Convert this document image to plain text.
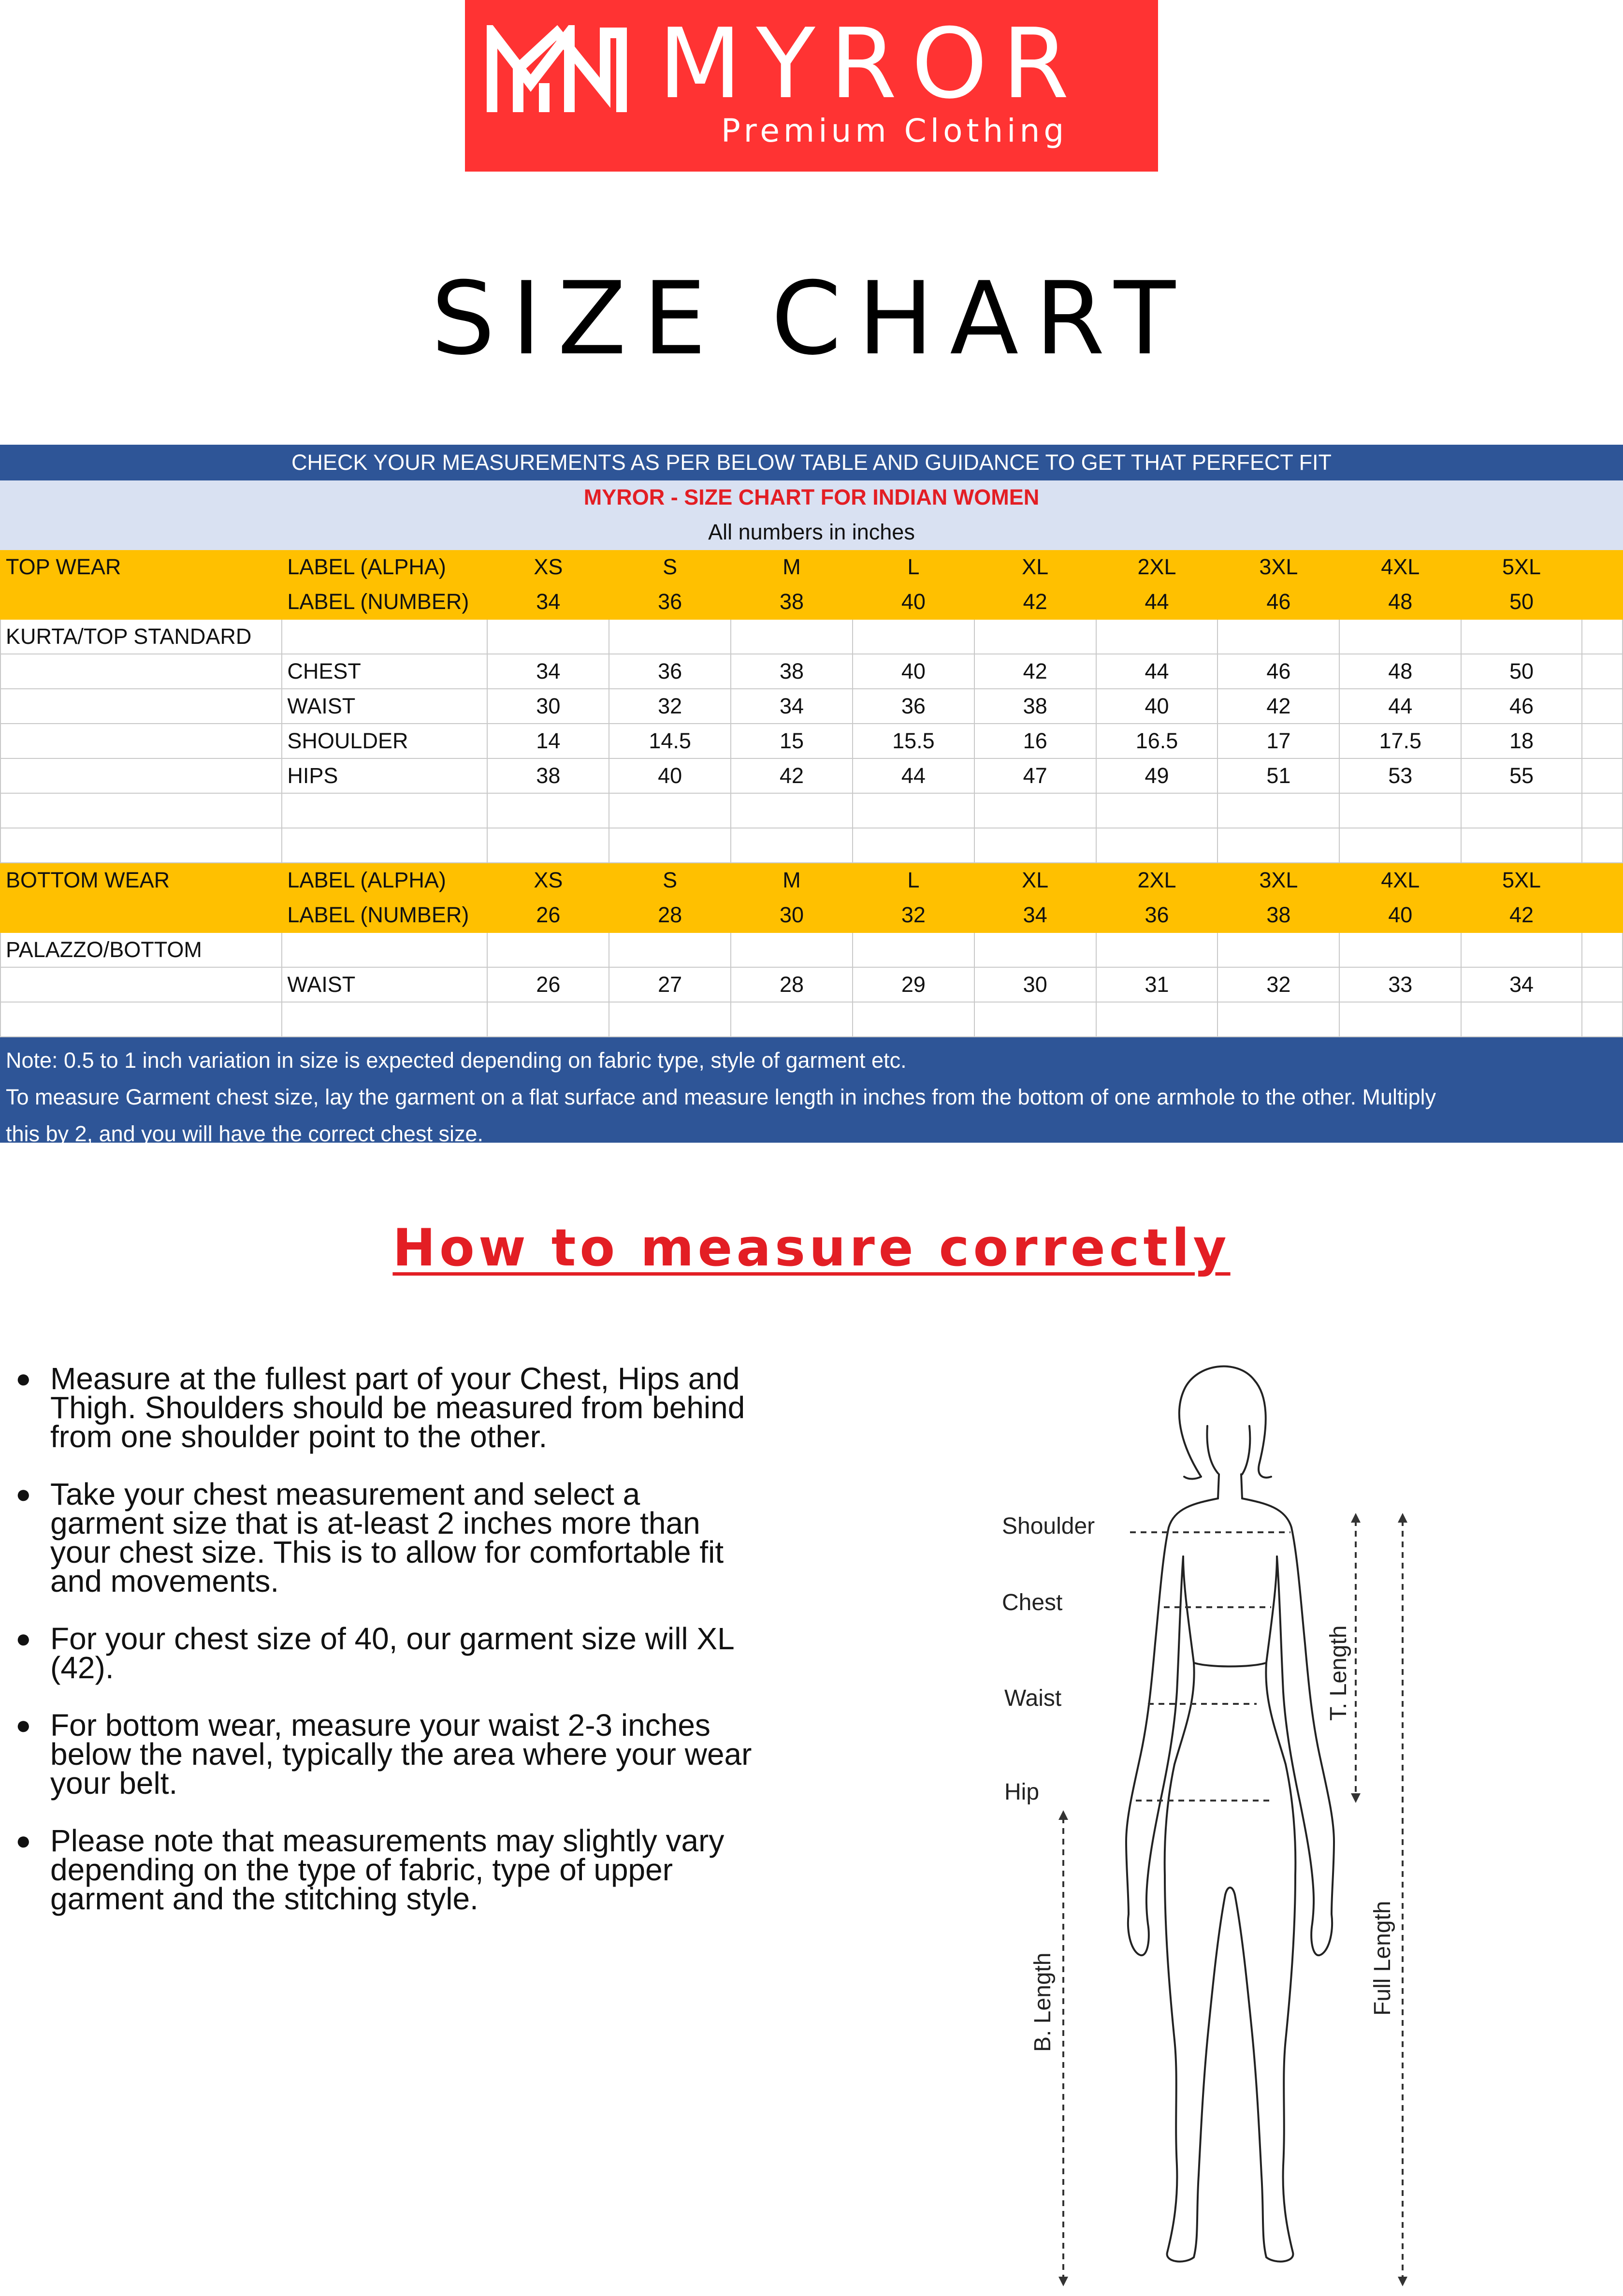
MYROR
Premium Clothing
SIZE CHART
CHECK YOUR MEASUREMENTS AS PER BELOW TABLE AND GUIDANCE TO GET THAT PERFECT FIT											
MYROR - SIZE CHART FOR INDIAN WOMEN											
All numbers in inches											
TOP WEAR	LABEL (ALPHA)	XS	S	M	L	XL	2XL	3XL	4XL	5XL	
	LABEL (NUMBER)	34	36	38	40	42	44	46	48	50	
KURTA/TOP STANDARD											
	CHEST	34	36	38	40	42	44	46	48	50	
	WAIST	30	32	34	36	38	40	42	44	46	
	SHOULDER	14	14.5	15	15.5	16	16.5	17	17.5	18	
	HIPS	38	40	42	44	47	49	51	53	55	

BOTTOM WEAR	LABEL (ALPHA)	XS	S	M	L	XL	2XL	3XL	4XL	5XL	
	LABEL (NUMBER)	26	28	30	32	34	36	38	40	42	
PALAZZO/BOTTOM											
	WAIST	26	27	28	29	30	31	32	33	34	

Note: 0.5 to 1 inch variation in size is expected depending on fabric type, style of garment etc.
To measure Garment chest size, lay the garment on a flat surface and measure length in inches from the bottom of one armhole to the other. Multiply
this by 2, and you will have the correct chest size.
How to measure correctly
● Measure at the fullest part of your Chest, Hips and
Thigh. Shoulders should be measured from behind
from one shoulder point to the other.
● Take your chest measurement and select a
garment size that is at-least 2 inches more than
your chest size. This is to allow for comfortable fit
and movements.
● For your chest size of 40, our garment size will XL
(42).
● For bottom wear, measure your waist 2-3 inches
below the navel, typically the area where your wear
your belt.
● Please note that measurements may slightly vary
depending on the type of fabric, type of upper
garment and the stitching style.
Shoulder
Chest
Waist
Hip
T. Length
Full Length
B. Length
